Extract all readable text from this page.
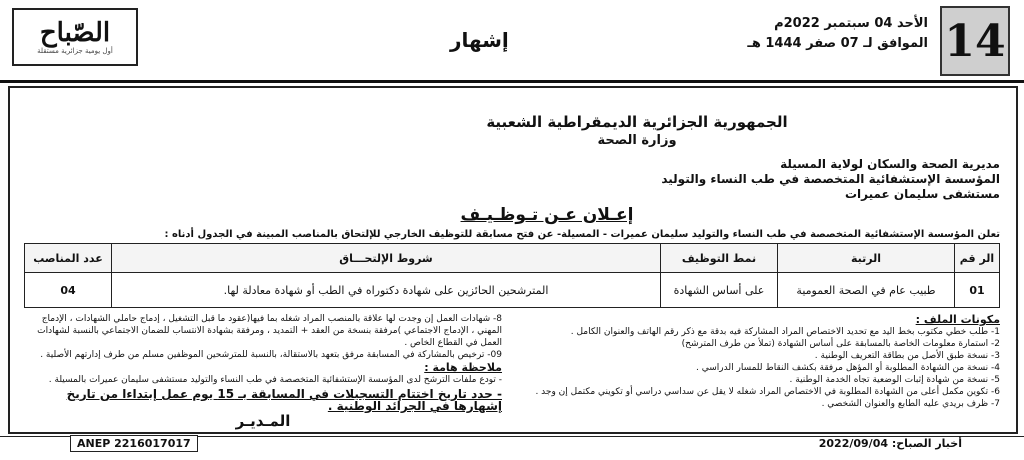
14
الأحد 04 سبتمبر 2022م
الموافق لـ 07 صفر 1444 هـ
إشهار
الصّباح
أول يومية جزائرية مستقلة
الجمهورية الجزائرية الديمقراطية الشعبية
وزارة الصحة
مديرية الصحة والسكان لولاية المسيلة
المؤسسة الإستشفائية المتخصصة في طب النساء والتوليد
مستشفى سليمان عميرات
إعـلان عـن تـوظـيـف
تعلن المؤسسة الإستشفائية المتخصصة في طب النساء والتوليد سليمان عميرات - المسيلة- عن فتح مسابقة للتوظيف الخارجي للإلتحاق بالمناصب المبينة في الجدول أدناه :
الر قم	الرتبة	نمط التوظيف	شروط الإلتحـــاق	عدد المناصب
01	طبيب عام في الصحة العمومية	على أساس الشهادة	المترشحين الحائزين على شهادة دكتوراه في الطب أو شهادة معادلة لها.	04
مكونات الملف :
1- طلب خطي مكتوب بخط اليد مع تحديد الاختصاص المراد المشاركة فيه بدقة مع ذكر رقم الهاتف والعنوان الكامل .
2- استمارة معلومات الخاصة بالمسابقة على أساس الشهادة (تملأ من طرف المترشح)
3- نسخة طبق الأصل من بطاقة التعريف الوطنية .
4- نسخة من الشهادة المطلوبة أو المؤهل مرفقة بكشف النقاط للمسار الدراسي .
5- نسخة من شهادة إثبات الوضعية تجاه الخدمة الوطنية .
6- تكوين مكمل أعلى من الشهادة المطلوبة في الاختصاص المراد شغله لا يقل عن سداسي دراسي أو تكويني مكتمل إن وجد .
7- ظرف بريدي عليه الطابع والعنوان الشخصي .
8- شهادات العمل إن وجدت لها علاقة بالمنصب المراد شغله بما فيها(عقود ما قبل التشغيل ، إدماج حاملي الشهادات ، الإدماج المهني ، الإدماج الاجتماعي )مرفقة بنسخة من العقد + التمديد ، ومرفقة بشهادة الانتساب للضمان الاجتماعي بالنسبة لشهادات العمل في القطاع الخاص .
09- ترخيص بالمشاركة في المسابقة مرفق بتعهد بالاستقالة، بالنسبة للمترشحين الموظفين مسلم من طرف إدارتهم الأصلية .
ملاحظة هامة :
- تودع ملفات الترشح لدى المؤسسة الإستشفائية المتخصصة في طب النساء والتوليد مستشفى سليمان عميرات بالمسيلة .
- حدد تاريخ اختتام التسجيلات في المسابقة بـ 15 يوم عمل إبتداءا من تاريخ إشهارها في الجرائد الوطنية .
المـديـر
ANEP 2216017017	أخبار الصباح: 2022/09/04
